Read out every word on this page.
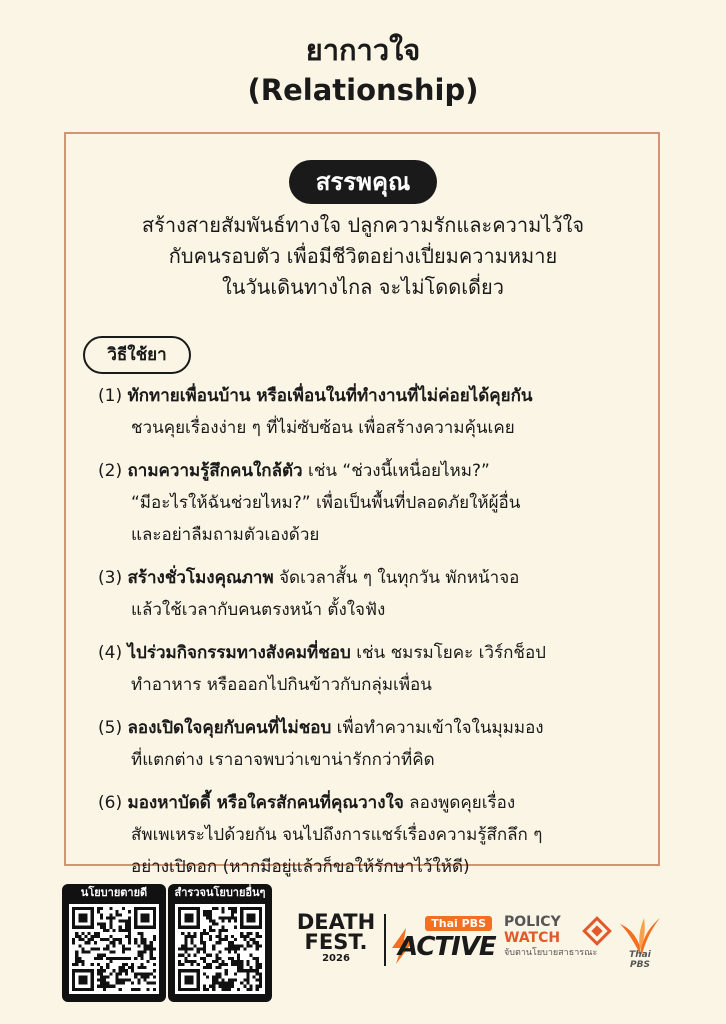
ยากาวใจ
(Relationship)
สรรพคุณ
สร้างสายสัมพันธ์ทางใจ ปลูกความรักและความไว้ใจ
กับคนรอบตัว เพื่อมีชีวิตอย่างเปี่ยมความหมาย
ในวันเดินทางไกล จะไม่โดดเดี่ยว
วิธีใช้ยา
(1) ทักทายเพื่อนบ้าน หรือเพื่อนในที่ทำงานที่ไม่ค่อยได้คุยกัน
ชวนคุยเรื่องง่าย ๆ ที่ไม่ซับซ้อน เพื่อสร้างความคุ้นเคย
(2) ถามความรู้สึกคนใกล้ตัว เช่น “ช่วงนี้เหนื่อยไหม?”
“มีอะไรให้ฉันช่วยไหม?” เพื่อเป็นพื้นที่ปลอดภัยให้ผู้อื่น
และอย่าลืมถามตัวเองด้วย
(3) สร้างชั่วโมงคุณภาพ จัดเวลาสั้น ๆ ในทุกวัน พักหน้าจอ
แล้วใช้เวลากับคนตรงหน้า ตั้งใจฟัง
(4) ไปร่วมกิจกรรมทางสังคมที่ชอบ เช่น ชมรมโยคะ เวิร์กช็อป
ทำอาหาร หรือออกไปกินข้าวกับกลุ่มเพื่อน
(5) ลองเปิดใจคุยกับคนที่ไม่ชอบ เพื่อทำความเข้าใจในมุมมอง
ที่แตกต่าง เราอาจพบว่าเขาน่ารักกว่าที่คิด
(6) มองหาบัดดี้ หรือใครสักคนที่คุณวางใจ ลองพูดคุยเรื่อง
สัพเพเหระไปด้วยกัน จนไปถึงการแชร์เรื่องความรู้สึกลึก ๆ
อย่างเปิดอก (หากมีอยู่แล้วก็ขอให้รักษาไว้ให้ดี)
นโยบายตายดี	สำรวจนโยบายอื่นๆ
DEATH
FEST.
2026
Thai PBS
ACTIVE
POLICY
WATCH
จับตานโยบายสาธารณะ	Thai PBS
